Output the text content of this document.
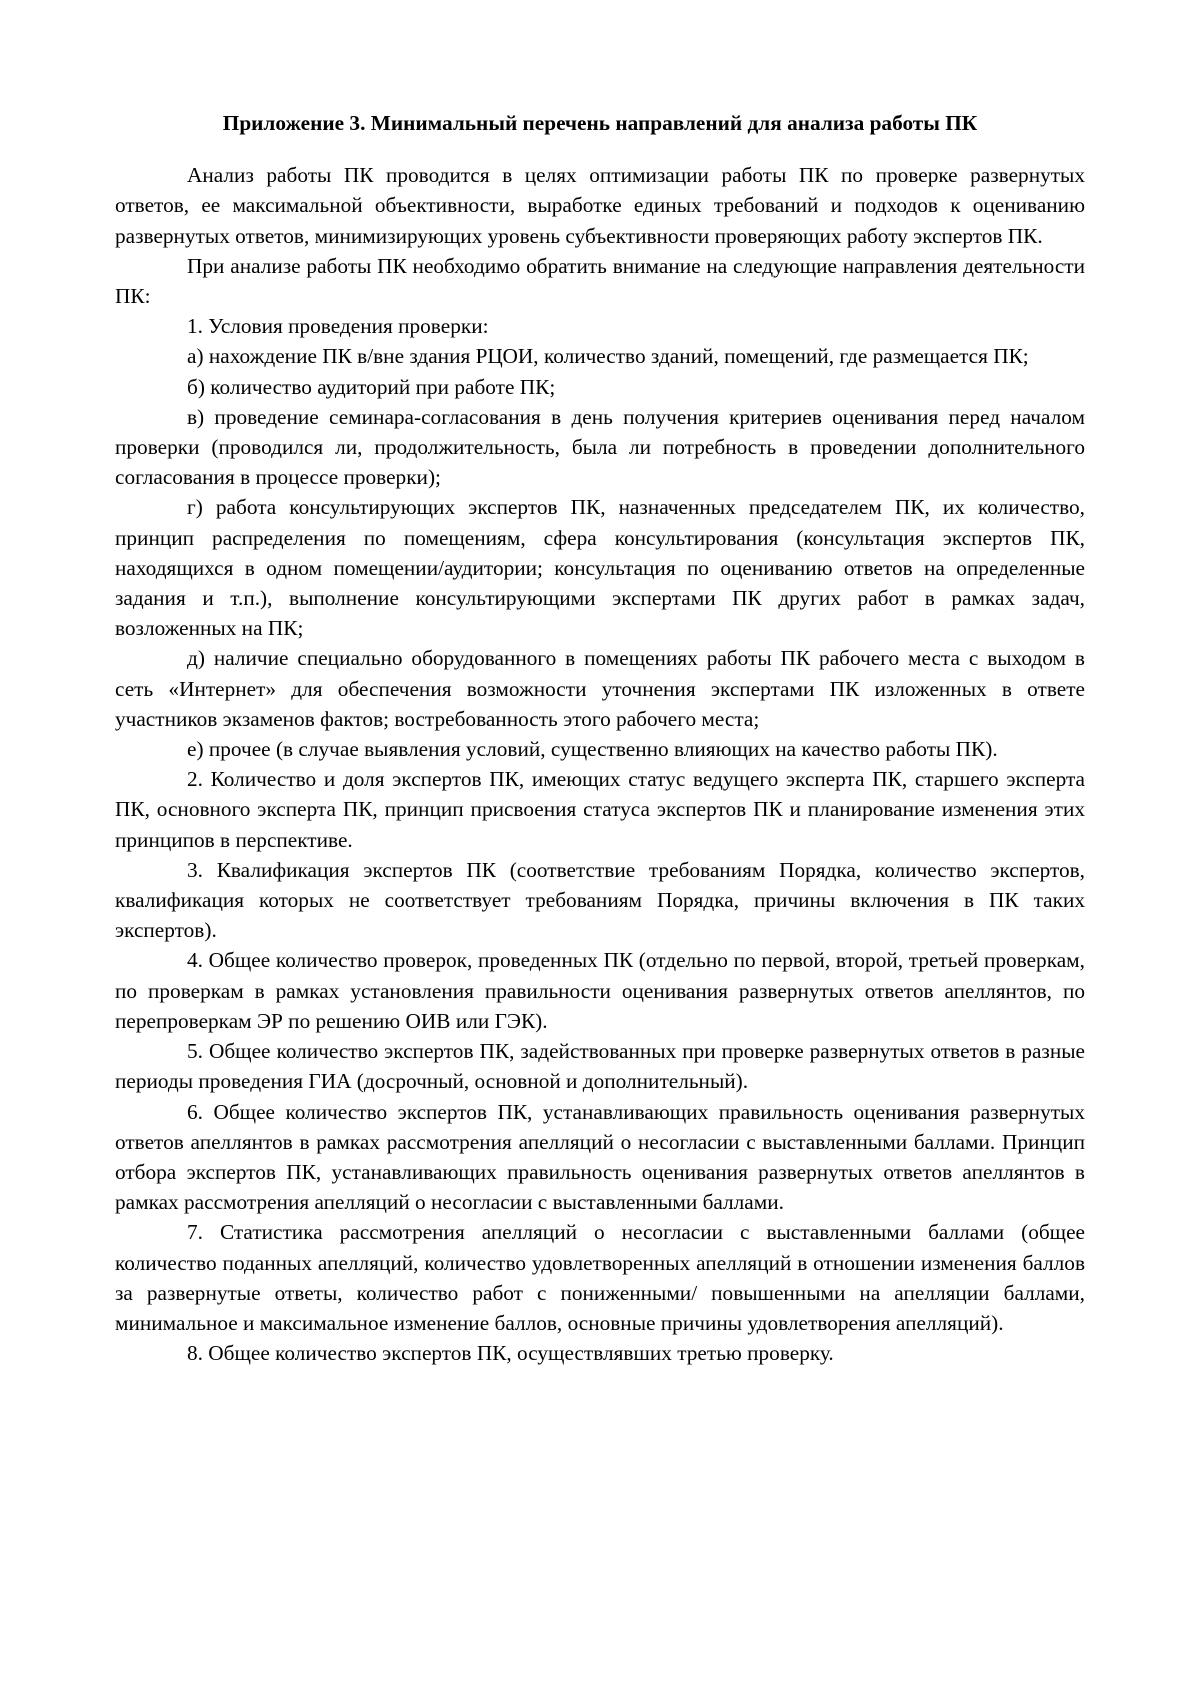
Приложение 3. Минимальный перечень направлений для анализа работы ПК

Анализ работы ПК проводится в целях оптимизации работы ПК по проверке развернутых ответов, ее максимальной объективности, выработке единых требований и подходов к оцениванию развернутых ответов, минимизирующих уровень субъективности проверяющих работу экспертов ПК.

При анализе работы ПК необходимо обратить внимание на следующие направления деятельности ПК:

1. Условия проведения проверки:

а) нахождение ПК в/вне здания РЦОИ, количество зданий, помещений, где размещается ПК;

б) количество аудиторий при работе ПК;

в) проведение семинара-согласования в день получения критериев оценивания перед началом проверки (проводился ли, продолжительность, была ли потребность в проведении дополнительного согласования в процессе проверки);

г) работа консультирующих экспертов ПК, назначенных председателем ПК, их количество, принцип распределения по помещениям, сфера консультирования (консультация экспертов ПК, находящихся в одном помещении/аудитории; консультация по оцениванию ответов на определенные задания и т.п.), выполнение консультирующими экспертами ПК других работ в рамках задач, возложенных на ПК;

д) наличие специально оборудованного в помещениях работы ПК рабочего места с выходом в сеть «Интернет» для обеспечения возможности уточнения экспертами ПК изложенных в ответе участников экзаменов фактов; востребованность этого рабочего места;

е) прочее (в случае выявления условий, существенно влияющих на качество работы ПК).

2. Количество и доля экспертов ПК, имеющих статус ведущего эксперта ПК, старшего эксперта ПК, основного эксперта ПК, принцип присвоения статуса экспертов ПК и планирование изменения этих принципов в перспективе.

3. Квалификация экспертов ПК (соответствие требованиям Порядка, количество экспертов, квалификация которых не соответствует требованиям Порядка, причины включения в ПК таких экспертов).

4. Общее количество проверок, проведенных ПК (отдельно по первой, второй, третьей проверкам, по проверкам в рамках установления правильности оценивания развернутых ответов апеллянтов, по перепроверкам ЭР по решению ОИВ или ГЭК).

5. Общее количество экспертов ПК, задействованных при проверке развернутых ответов в разные периоды проведения ГИА (досрочный, основной и дополнительный).

6. Общее количество экспертов ПК, устанавливающих правильность оценивания развернутых ответов апеллянтов в рамках рассмотрения апелляций о несогласии с выставленными баллами. Принцип отбора экспертов ПК, устанавливающих правильность оценивания развернутых ответов апеллянтов в рамках рассмотрения апелляций о несогласии с выставленными баллами.

7. Статистика рассмотрения апелляций о несогласии с выставленными баллами (общее количество поданных апелляций, количество удовлетворенных апелляций в отношении изменения баллов за развернутые ответы, количество работ с пониженными/ повышенными на апелляции баллами, минимальное и максимальное изменение баллов, основные причины удовлетворения апелляций).

8. Общее количество экспертов ПК, осуществлявших третью проверку.
